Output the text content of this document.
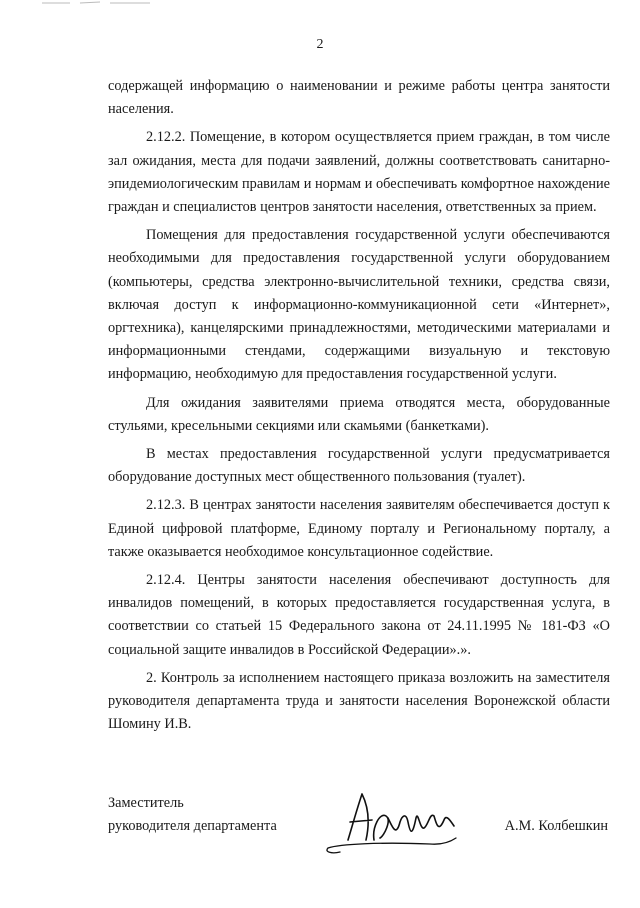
2

содержащей информацию о наименовании и режиме работы центра занятости населения.

2.12.2. Помещение, в котором осуществляется прием граждан, в том числе зал ожидания, места для подачи заявлений, должны соответствовать санитарно-эпидемиологическим правилам и нормам и обеспечивать комфортное нахождение граждан и специалистов центров занятости населения, ответственных за прием.

Помещения для предоставления государственной услуги обеспечиваются необходимыми для предоставления государственной услуги оборудованием (компьютеры, средства электронно-вычислительной техники, средства связи, включая доступ к информационно-коммуникационной сети «Интернет», оргтехника), канцелярскими принадлежностями, методическими материалами и информационными стендами, содержащими визуальную и текстовую информацию, необходимую для предоставления государственной услуги.

Для ожидания заявителями приема отводятся места, оборудованные стульями, кресельными секциями или скамьями (банкетками).

В местах предоставления государственной услуги предусматривается оборудование доступных мест общественного пользования (туалет).

2.12.3. В центрах занятости населения заявителям обеспечивается доступ к Единой цифровой платформе, Единому порталу и Региональному порталу, а также оказывается необходимое консультационное содействие.

2.12.4. Центры занятости населения обеспечивают доступность для инвалидов помещений, в которых предоставляется государственная услуга, в соответствии со статьей 15 Федерального закона от 24.11.1995 № 181-ФЗ «О социальной защите инвалидов в Российской Федерации».».

2. Контроль за исполнением настоящего приказа возложить на заместителя руководителя департамента труда и занятости населения Воронежской области Шомину И.В.

Заместитель
руководителя департамента	А.М. Колбешкин
